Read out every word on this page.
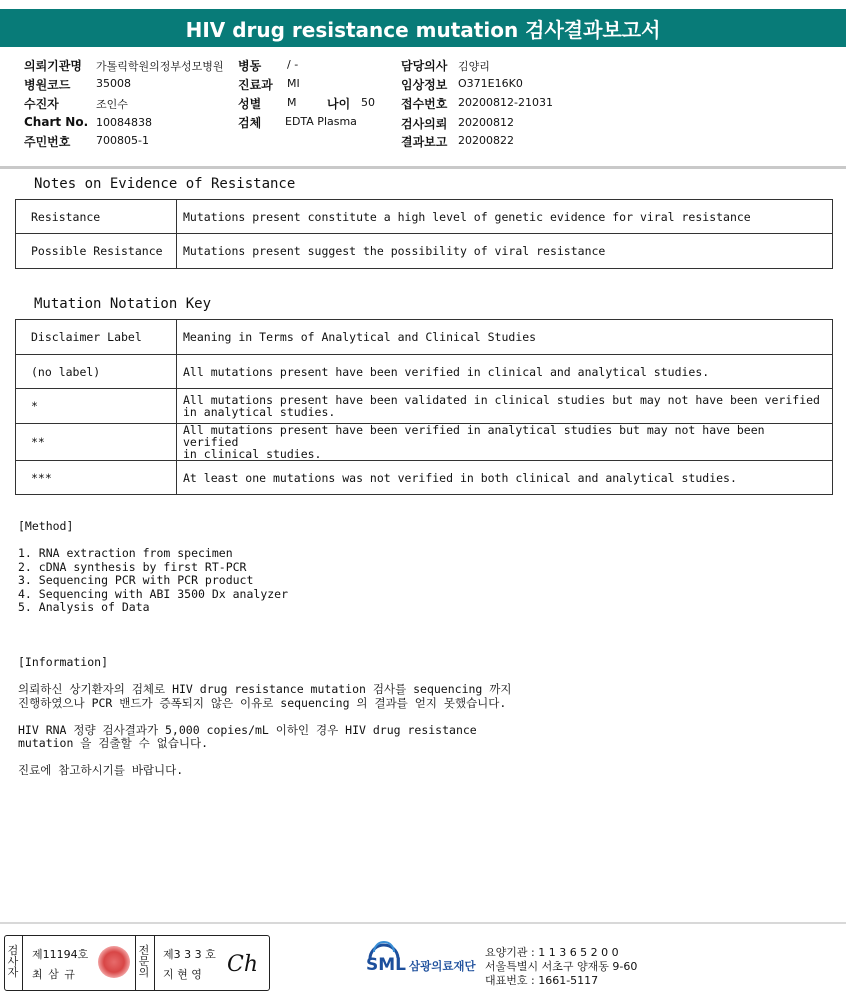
HIV drug resistance mutation 검사결과보고서
의뢰기관명 가톨릭학원의정부성모병원 병동 / -	담당의사 김양리
병원코드 35008	진료과 MI	임상정보 O371E16K0
수진자	조인수	성별 M	나이 50 접수번호 20200812-21031
Chart No. 10084838	검체 EDTA Plasma	검사의뢰 20200812
주민번호 700805-1	결과보고 20200822
Notes on Evidence of Resistance
Resistance	Mutations present constitute a high level of genetic evidence for viral resistance
Possible Resistance	Mutations present suggest the possibility of viral resistance
Mutation Notation Key
Disclaimer Label	Meaning in Terms of Analytical and Clinical Studies
(no label)	All mutations present have been verified in clinical and analytical studies.
*	All mutations present have been validated in clinical studies but may not have been verified
in analytical studies.
**	All mutations present have been verified in analytical studies but may not have been verified
in clinical studies.
***	At least one mutations was not verified in both clinical and analytical studies.
[Method]
1. RNA extraction from specimen
2. cDNA synthesis by first RT-PCR
3. Sequencing PCR with PCR product
4. Sequencing with ABI 3500 Dx analyzer
5. Analysis of Data
[Information]
의뢰하신 상기환자의 검체로 HIV drug resistance mutation 검사를 sequencing 까지
진행하였으나 PCR 밴드가 증폭되지 않은 이유로 sequencing 의 결과를 얻지 못했습니다.
HIV RNA 정량 검사결과가 5,000 copies/mL 이하인 경우 HIV drug resistance
mutation 을 검출할 수 없습니다.
진료에 참고하시기를 바랍니다.
검
사
자
제11194호
최 삼 규
전
문
의
제3 3 3 호
지 현 영 Ch	SML 삼광의료재단
요양기관 : 1 1 3 6 5 2 0 0
서울특별시 서초구 양재동 9-60
대표번호 : 1661-5117
